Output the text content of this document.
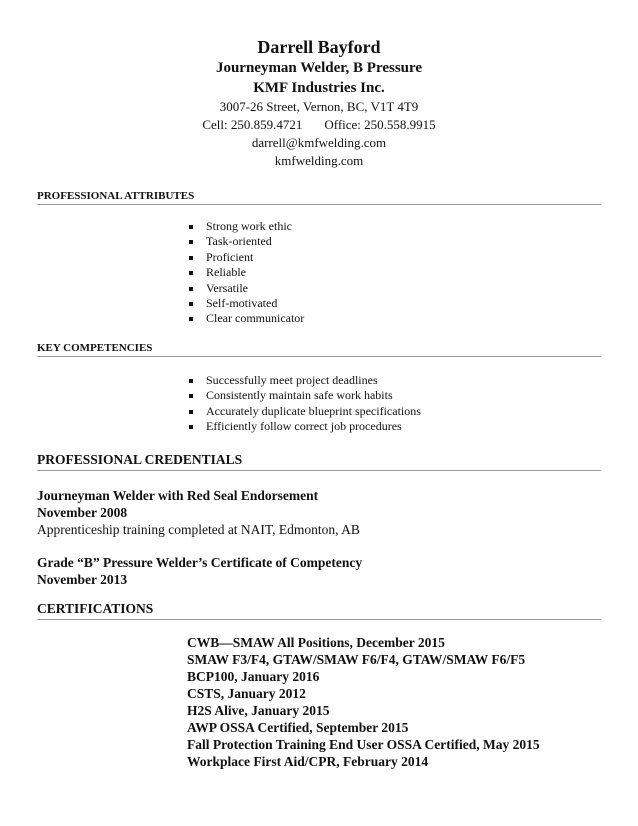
Darrell Bayford
Journeyman Welder, B Pressure
KMF Industries Inc.
3007-26 Street, Vernon, BC, V1T 4T9
Cell: 250.859.4721 Office: 250.558.9915
darrell@kmfwelding.com
kmfwelding.com
PROFESSIONAL ATTRIBUTES
Strong work ethic
Task-oriented
Proficient
Reliable
Versatile
Self-motivated
Clear communicator
KEY COMPETENCIES
Successfully meet project deadlines
Consistently maintain safe work habits
Accurately duplicate blueprint specifications
Efficiently follow correct job procedures
PROFESSIONAL CREDENTIALS
Journeyman Welder with Red Seal Endorsement
November 2008
Apprenticeship training completed at NAIT, Edmonton, AB
Grade “B” Pressure Welder’s Certificate of Competency
November 2013
CERTIFICATIONS
CWB—SMAW All Positions, December 2015
SMAW F3/F4, GTAW/SMAW F6/F4, GTAW/SMAW F6/F5
BCP100, January 2016
CSTS, January 2012
H2S Alive, January 2015
AWP OSSA Certified, September 2015
Fall Protection Training End User OSSA Certified, May 2015
Workplace First Aid/CPR, February 2014
